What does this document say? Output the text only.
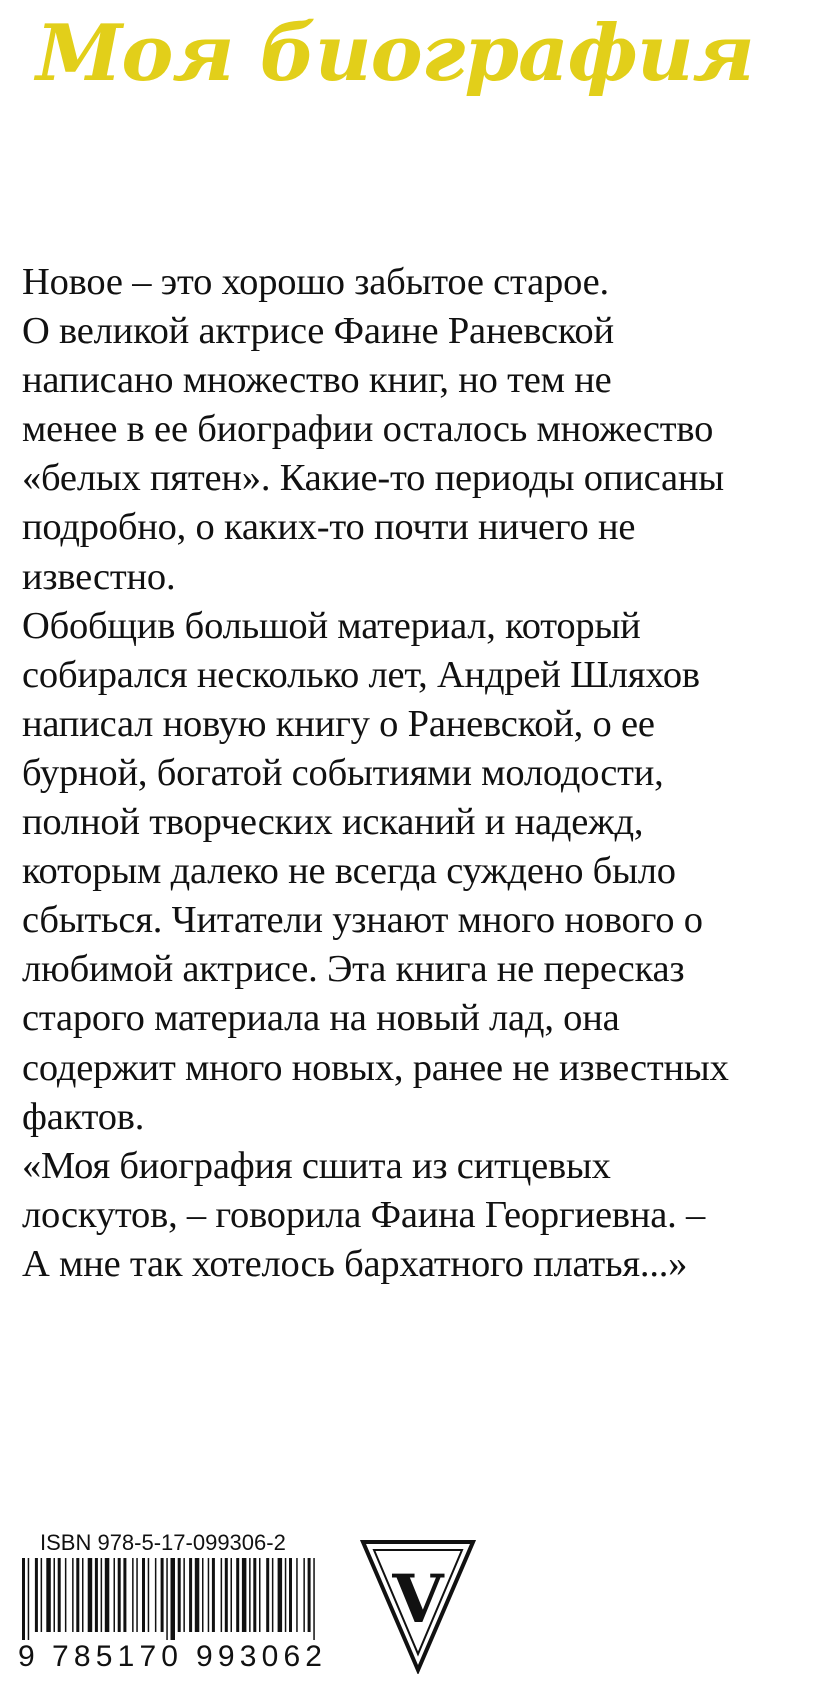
Моя биография
Новое – это хорошо забытое старое.
О великой актрисе Фаине Раневской
написано множество книг, но тем не
менее в ее биографии осталось множество
«белых пятен». Какие-то периоды описаны
подробно, о каких-то почти ничего не
известно.
Обобщив большой материал, который
собирался несколько лет, Андрей Шляхов
написал новую книгу о Раневской, о ее
бурной, богатой событиями молодости,
полной творческих исканий и надежд,
которым далеко не всегда суждено было
сбыться. Читатели узнают много нового о
любимой актрисе. Эта книга не пересказ
старого материала на новый лад, она
содержит много новых, ранее не известных
фактов.
«Моя биография сшита из ситцевых
лоскутов, – говорила Фаина Георгиевна. –
А мне так хотелось бархатного платья...»
ISBN 978-5-17-099306-2
9 7 8 5 1 7 0 9 9 3 0 6 2
V
